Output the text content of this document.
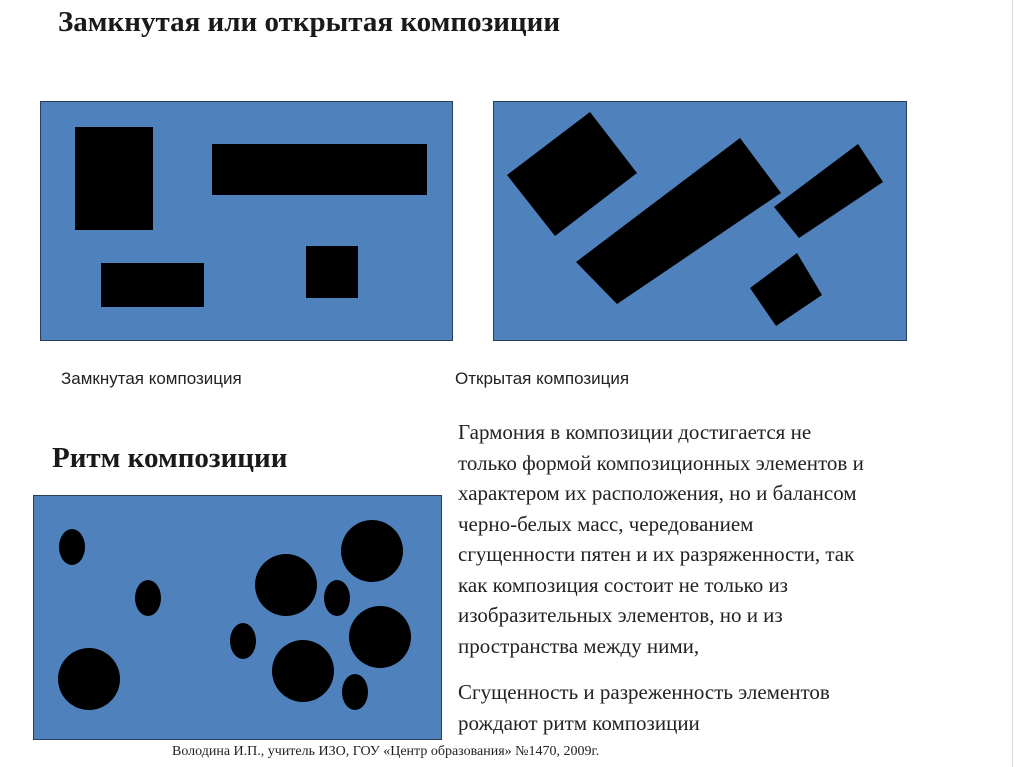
Замкнутая или открытая композиции
Замкнутая композиция	Открытая композиция
Ритм композиции
Гармония в композиции достигается не
только формой композиционных элементов и
характером их расположения, но и балансом
черно-белых масс, чередованием
сгущенности пятен и их разряженности, так
как композиция состоит не только из
изобразительных элементов, но и из
пространства между ними,
Сгущенность и разреженность элементов
рождают ритм композиции
Володина И.П., учитель ИЗО, ГОУ «Центр образования» №1470, 2009г.
